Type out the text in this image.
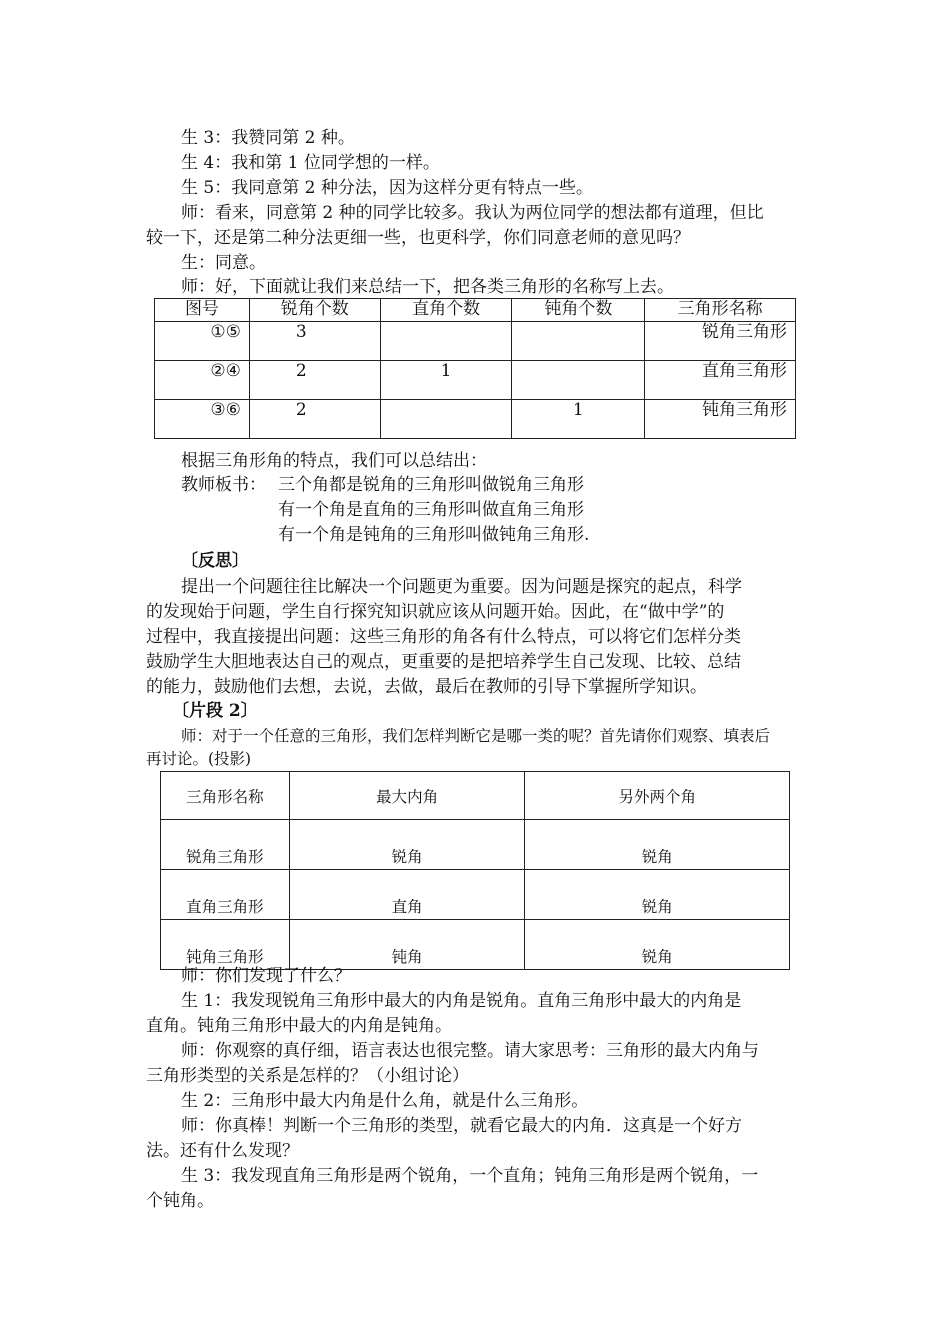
生 3：我赞同第 2 种。

生 4：我和第 1 位同学想的一样。

生 5：我同意第 2 种分法，因为这样分更有特点一些。

师：看来，同意第 2 种的同学比较多。我认为两位同学的想法都有道理，但比

较一下，还是第二种分法更细一些，也更科学，你们同意老师的意见吗？

生：同意。

师：好，下面就让我们来总结一下，把各类三角形的名称写上去。

图号	锐角个数	直角个数	钝角个数	三角形名称
①⑤	3			锐角三角形
②④	2	1		直角三角形
③⑥	2		1	钝角三角形

根据三角形角的特点，我们可以总结出：

教师板书： 三个角都是锐角的三角形叫做锐角三角形

有一个角是直角的三角形叫做直角三角形

有一个角是钝角的三角形叫做钝角三角形.

〔反思〕

提出一个问题往往比解决一个问题更为重要。因为问题是探究的起点，科学

的发现始于问题，学生自行探究知识就应该从问题开始。因此，在“做中学”的

过程中，我直接提出问题：这些三角形的角各有什么特点，可以将它们怎样分类

鼓励学生大胆地表达自己的观点，更重要的是把培养学生自己发现、比较、总结

的能力，鼓励他们去想，去说，去做，最后在教师的引导下掌握所学知识。

〔片段 2〕

师：对于一个任意的三角形，我们怎样判断它是哪一类的呢？首先请你们观察、填表后

再讨论。(投影)

三角形名称	最大内角	另外两个角
锐角三角形	锐角	锐角
直角三角形	直角	锐角
钝角三角形	钝角	锐角

师：你们发现了什么？

生 1：我发现锐角三角形中最大的内角是锐角。直角三角形中最大的内角是

直角。钝角三角形中最大的内角是钝角。

师：你观察的真仔细，语言表达也很完整。请大家思考：三角形的最大内角与

三角形类型的关系是怎样的？（小组讨论）

生 2：三角形中最大内角是什么角，就是什么三角形。

师：你真棒！判断一个三角形的类型，就看它最大的内角．这真是一个好方

法。还有什么发现？

生 3：我发现直角三角形是两个锐角，一个直角；钝角三角形是两个锐角，一

个钝角。
